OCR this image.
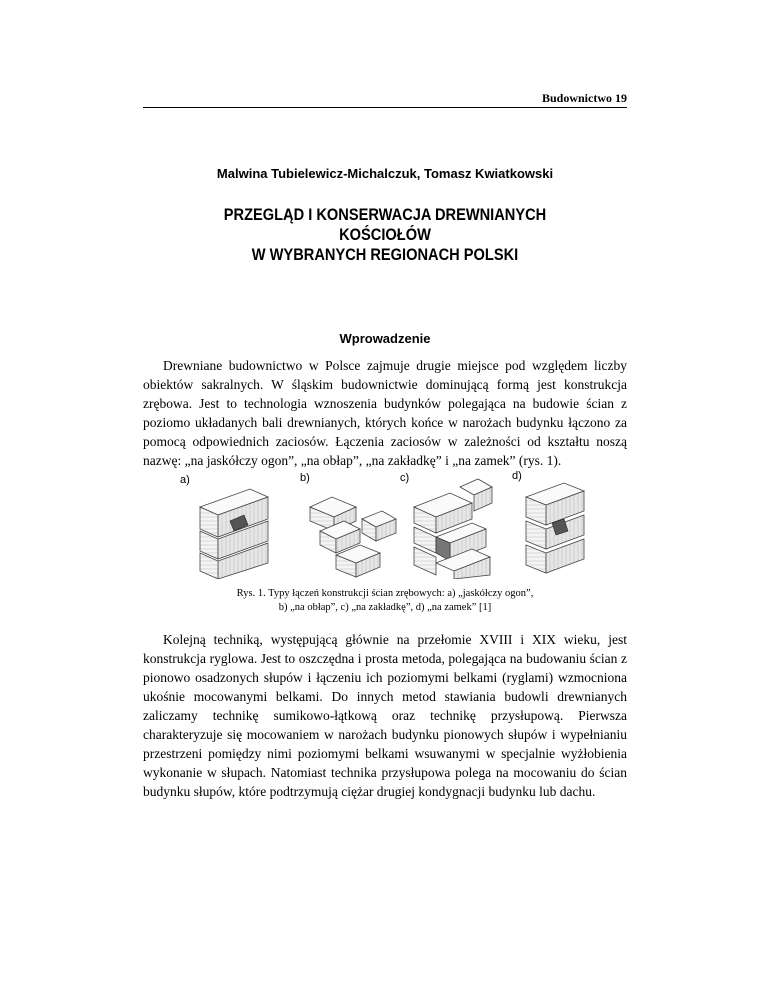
Budownictwo 19
Malwina Tubielewicz-Michalczuk, Tomasz Kwiatkowski
PRZEGLĄD I KONSERWACJA DREWNIANYCH KOŚCIOŁÓW
W WYBRANYCH REGIONACH POLSKI
Wprowadzenie

Drewniane budownictwo w Polsce zajmuje drugie miejsce pod względem liczby obiektów sakralnych. W śląskim budownictwie dominującą formą jest konstrukcja zrębowa. Jest to technologia wznoszenia budynków polegająca na budowie ścian z poziomo układanych bali drewnianych, których końce w narożach budynku łączono za pomocą odpowiednich zaciosów. Łączenia zaciosów w zależności od kształtu noszą nazwę: „na jaskółczy ogon”, „na obłap”, „na zakładkę” i „na zamek” (rys. 1).

a)	b)	c)	d)
Rys. 1. Typy łączeń konstrukcji ścian zrębowych: a) „jaskółczy ogon”,
b) „na obłap”, c) „na zakładkę”, d) „na zamek” [1]

Kolejną techniką, występującą głównie na przełomie XVIII i XIX wieku, jest konstrukcja ryglowa. Jest to oszczędna i prosta metoda, polegająca na budowaniu ścian z pionowo osadzonych słupów i łączeniu ich poziomymi belkami (ryglami) wzmocniona ukośnie mocowanymi belkami. Do innych metod stawiania budowli drewnianych zaliczamy technikę sumikowo-łątkową oraz technikę przysłupową. Pierwsza charakteryzuje się mocowaniem w narożach budynku pionowych słupów i wypełnianiu przestrzeni pomiędzy nimi poziomymi belkami wsuwanymi w specjalnie wyżłobienia wykonanie w słupach. Natomiast technika przysłupowa polega na mocowaniu do ścian budynku słupów, które podtrzymują ciężar drugiej kondygnacji budynku lub dachu.
